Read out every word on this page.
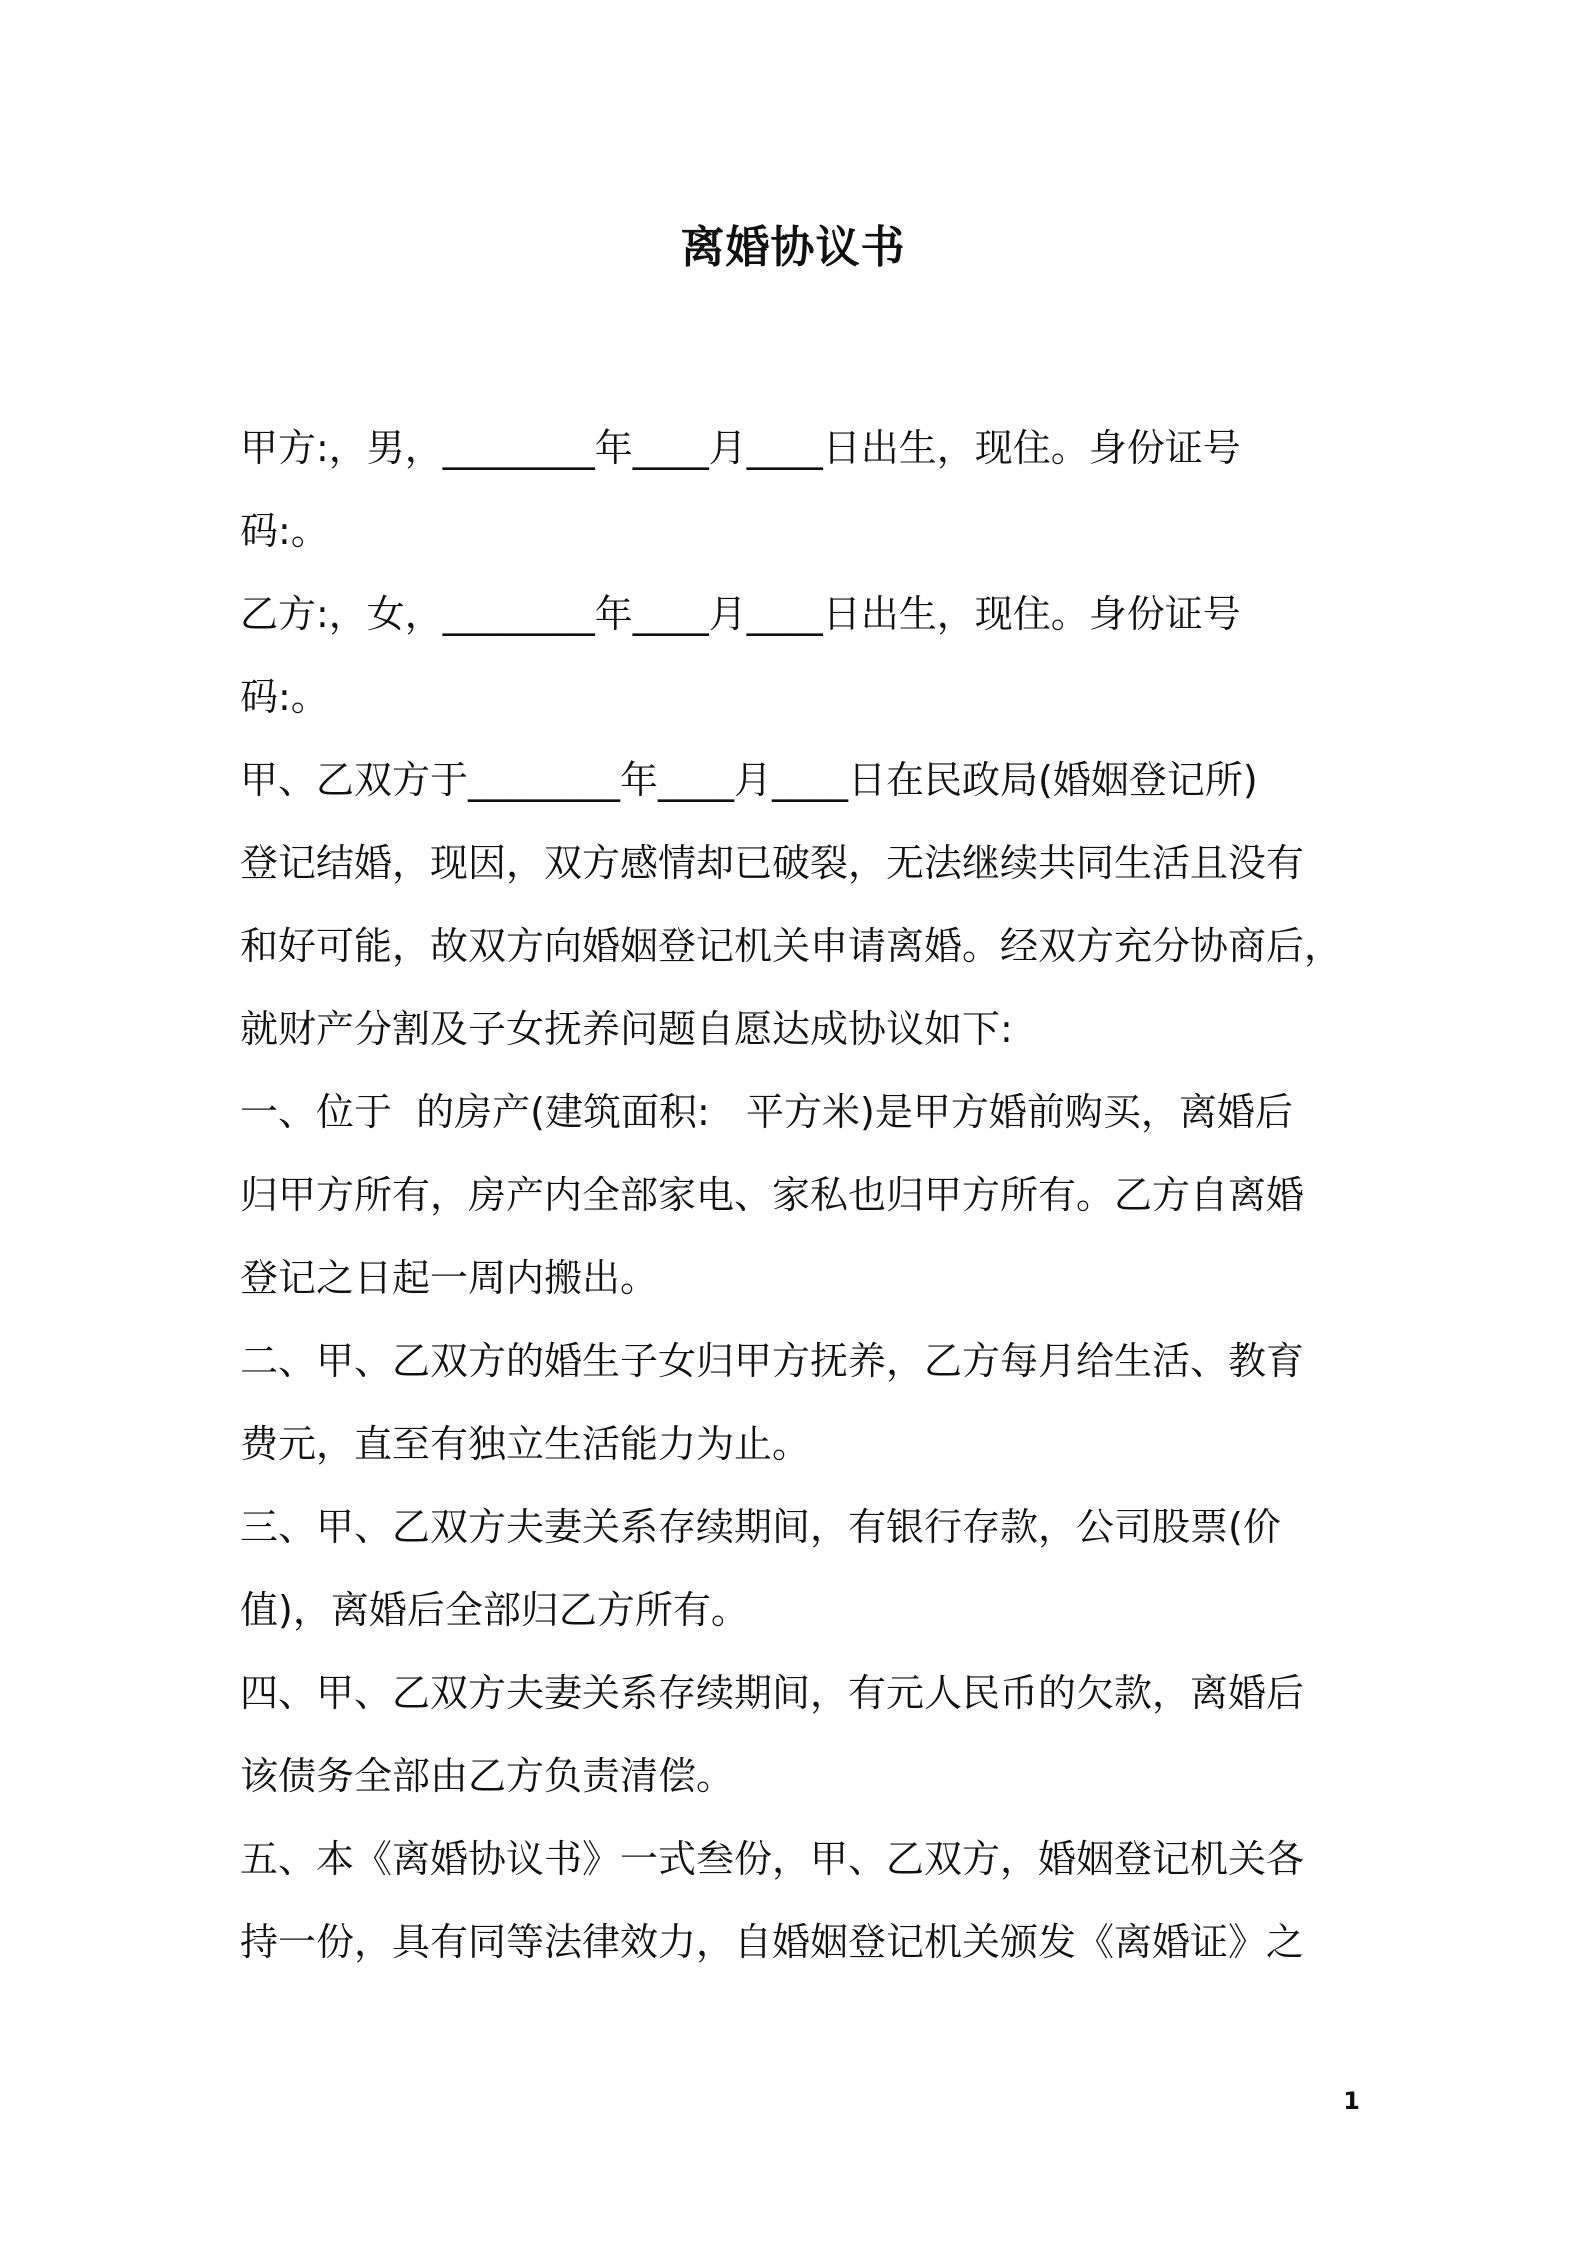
离婚协议书
甲方:，男，________年____月____日出生，现住。身份证号
码:。
乙方:，女，________年____月____日出生，现住。身份证号
码:。
甲、乙双方于________年____月____日在民政局(婚姻登记所)
登记结婚，现因，双方感情却已破裂，无法继续共同生活且没有
和好可能，故双方向婚姻登记机关申请离婚。经双方充分协商后，
就财产分割及子女抚养问题自愿达成协议如下:
一、位于  的房产(建筑面积:   平方米)是甲方婚前购买，离婚后
归甲方所有，房产内全部家电、家私也归甲方所有。乙方自离婚
登记之日起一周内搬出。
二、甲、乙双方的婚生子女归甲方抚养，乙方每月给生活、教育
费元，直至有独立生活能力为止。
三、甲、乙双方夫妻关系存续期间，有银行存款，公司股票(价
值)，离婚后全部归乙方所有。
四、甲、乙双方夫妻关系存续期间，有元人民币的欠款，离婚后
该债务全部由乙方负责清偿。
五、本《离婚协议书》一式叁份，甲、乙双方，婚姻登记机关各
持一份，具有同等法律效力，自婚姻登记机关颁发《离婚证》之
1
